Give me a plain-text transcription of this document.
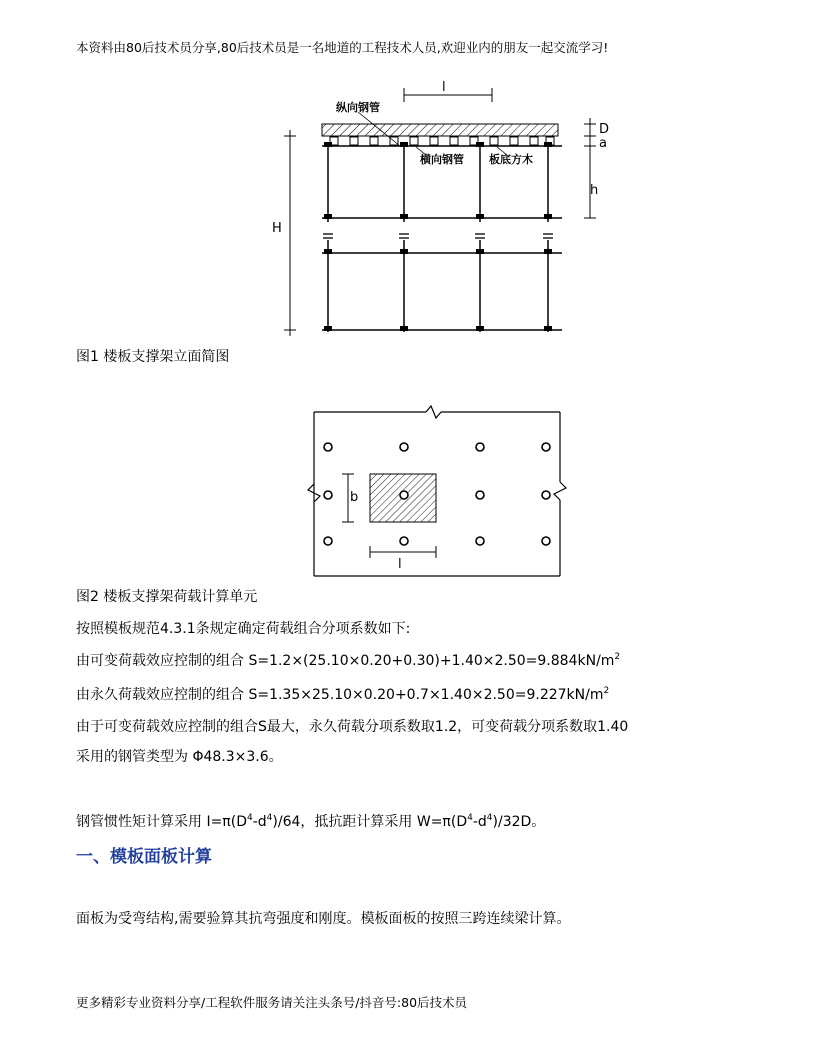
本资料由80后技术员分享,80后技术员是一名地道的工程技术人员,欢迎业内的朋友一起交流学习!
l
D
a
h
H
纵向钢管
横向钢管 板底方木
图1 楼板支撑架立面简图
b
l
图2 楼板支撑架荷载计算单元
按照模板规范4.3.1条规定确定荷载组合分项系数如下:
由可变荷载效应控制的组合 $S=1.2\times(25.10\times 0.20+0.30)+1.40\times 2.50=9.884kN/m^2$
由永久荷载效应控制的组合 $S=1.35\times 25.10\times 0.20+0.7\times 1.40\times 2.50=9.227kN/m^2$
由于可变荷载效应控制的组合S最大，永久荷载分项系数取1.2，可变荷载分项系数取1.40
采用的钢管类型为 Φ48.3×3.6。
钢管惯性矩计算采用 $I=\pi(D^4-d^4)/64$，抵抗距计算采用 $W=\pi(D^4-d^4)/32D$。
一、模板面板计算
面板为受弯结构,需要验算其抗弯强度和刚度。模板面板的按照三跨连续梁计算。
更多精彩专业资料分享/工程软件服务请关注头条号/抖音号:80后技术员
